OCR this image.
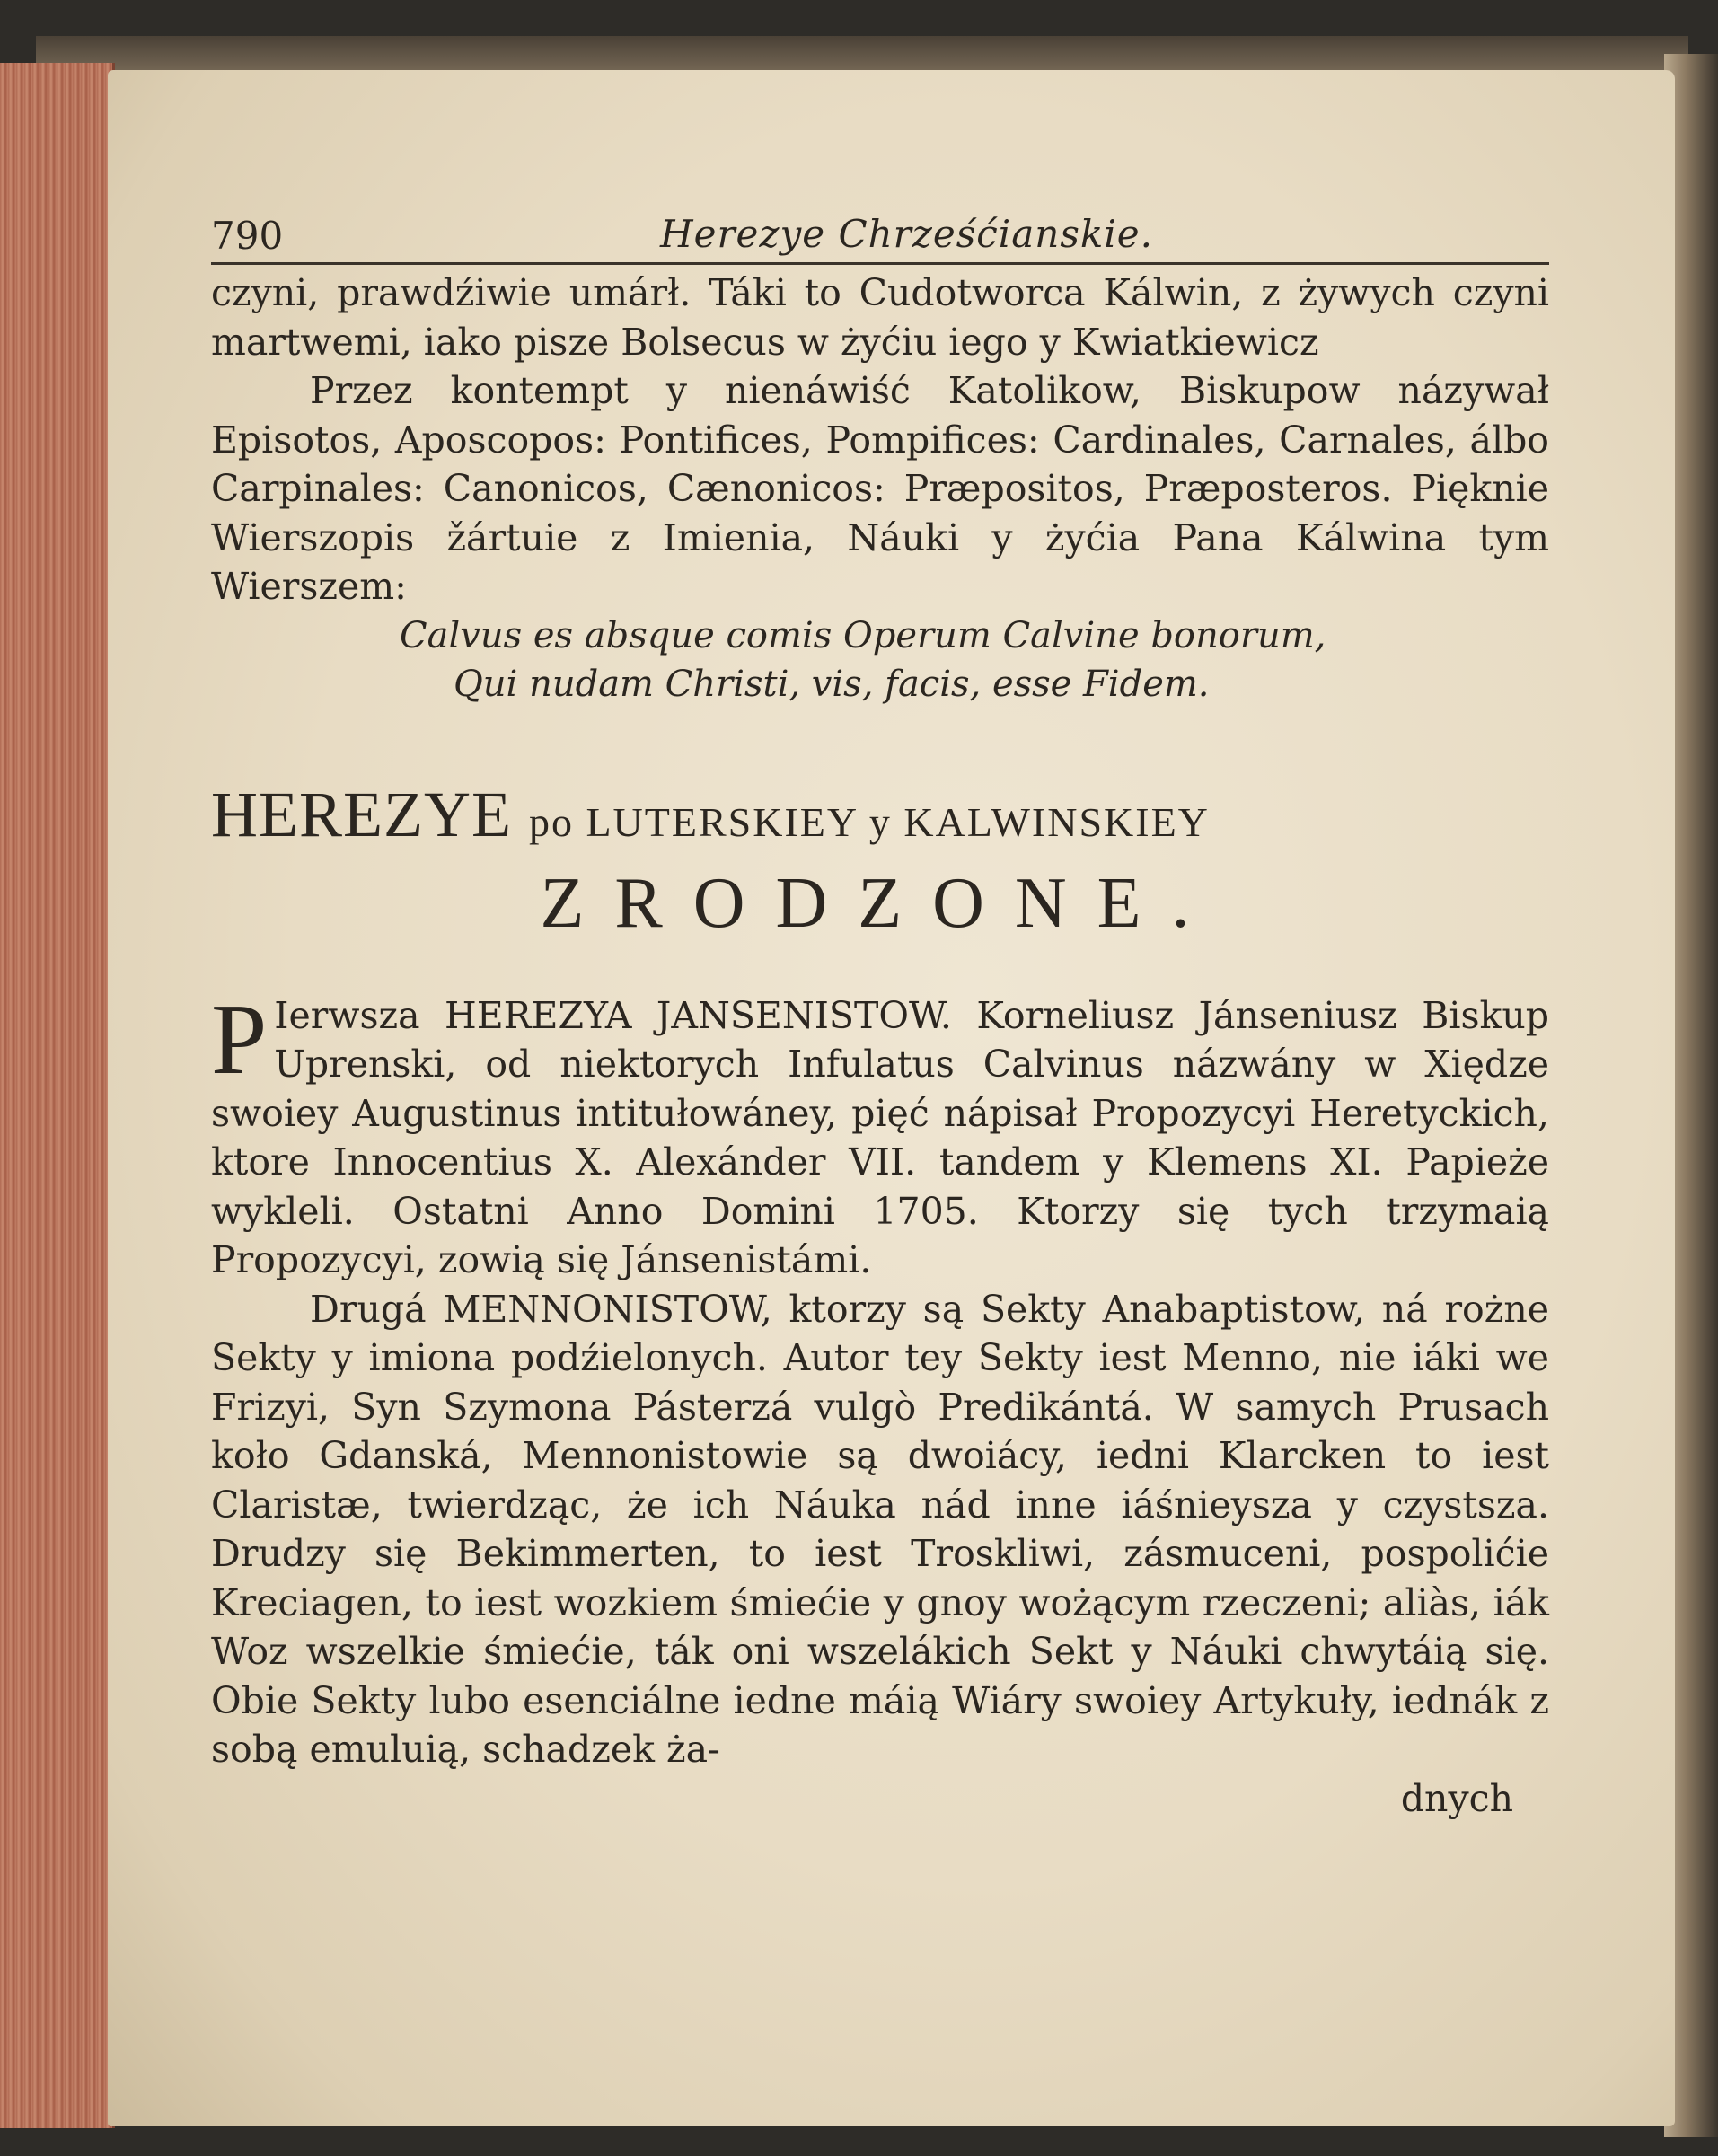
790	Herezye Chrześćianskie.

czyni, prawdźiwie umárł. Táki to Cudotworca Kálwin, z żywych czyni martwemi, iako pisze Bolsecus w żyćiu iego y Kwiatkiewicz

Przez kontempt y nienáwiść Katolikow, Biskupow názywał Episotos, Aposcopos: Pontifices, Pompifices: Cardinales, Carnales, álbo Carpinales: Canonicos, Cænonicos: Præpositos, Præposteros. Pięknie Wierszopis žártuie z Imienia, Náuki y żyćia Pana Kálwina tym Wierszem:

Calvus es absque comis Operum Calvine bonorum,
Qui nudam Christi, vis, facis, esse Fidem.
HEREZYE po LUTERSKIEY y KALWINSKIEY
ZRODZONE.

P Ierwsza HEREZYA JANSENISTOW. Korneliusz Jánseniusz Biskup Uprenski, od niektorych Infulatus Calvinus názwány w Xiędze swoiey Augustinus intitułowáney, pięć nápisał Propozycyi Heretyckich, ktore Innocentius X. Alexánder VII. tandem y Klemens XI. Papieże wykleli. Ostatni Anno Domini 1705. Ktorzy się tych trzymaią Propozycyi, zowią się Jánsenistámi.

Drugá MENNONISTOW, ktorzy są Sekty Anabaptistow, ná rożne Sekty y imiona podźielonych. Autor tey Sekty iest Menno, nie iáki we Frizyi, Syn Szymona Pásterzá vulgò Predikántá. W samych Prusach koło Gdanská, Mennonistowie są dwoiácy, iedni Klarcken to iest Claristæ, twierdząc, że ich Náuka nád inne iáśnieysza y czystsza. Drudzy się Bekimmerten, to iest Troskliwi, zásmuceni, pospolićie Kreciagen, to iest wozkiem śmiećie y gnoy wożącym rzeczeni; aliàs, iák Woz wszelkie śmiećie, ták oni wszelákich Sekt y Náuki chwytáią się. Obie Sekty lubo esenciálne iedne máią Wiáry swoiey Artykuły, iednák z sobą emuluią, schadzek ża-

dnych
